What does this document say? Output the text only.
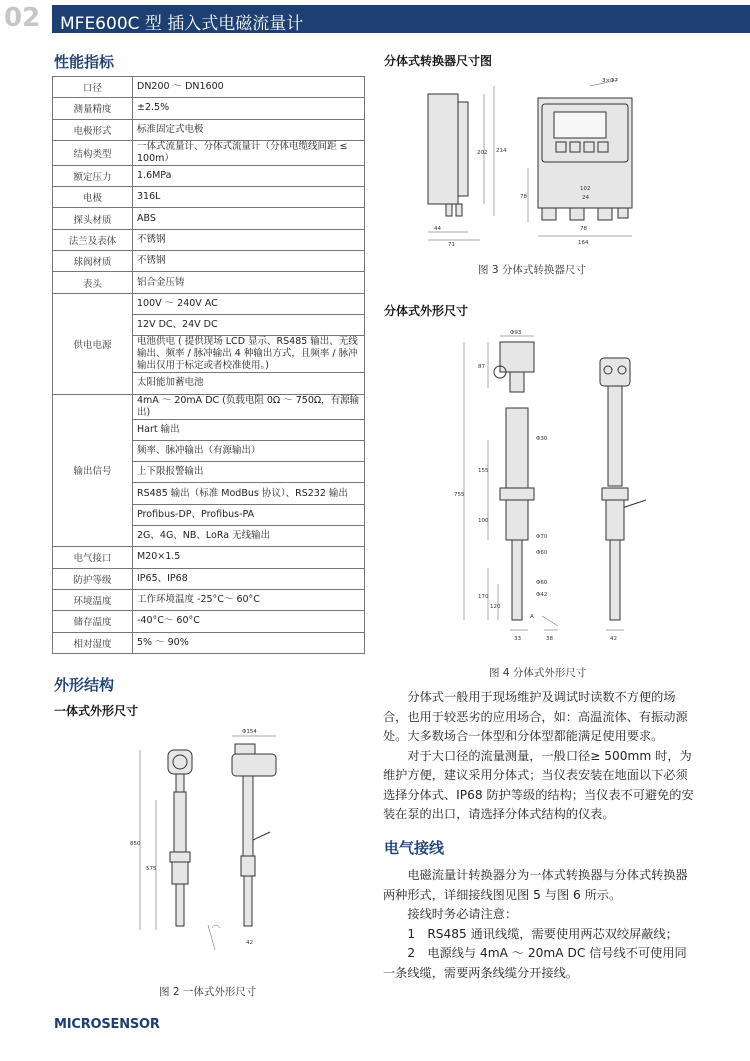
02 MFE600C 型 插入式电磁流量计
性能指标
口径	DN200 ～ DN1600
测量精度	±2.5%
电极形式	标准固定式电极
结构类型	一体式流量计、分体式流量计（分体电缆线间距 ≤ 100m）
额定压力	1.6MPa
电极	316L
探头材质	ABS
法兰及表体	不锈钢
球阀材质	不锈钢
表头	铝合金压铸
供电电源	100V ～ 240V AC
	12V DC、24V DC
	电池供电 ( 提供现场 LCD 显示、RS485 输出、无线输出、频率 / 脉冲输出 4 种输出方式，且频率 / 脉冲输出仅用于标定或者校准使用。)
	太阳能加蓄电池
输出信号	4mA ～ 20mA DC (负载电阻 0Ω ～ 750Ω，有源输出)
	Hart 输出
	频率、脉冲输出（有源输出）
	上下限报警输出
	RS485 输出（标准 ModBus 协议）、RS232 输出
	Profibus-DP、Profibus-PA
	2G、4G、NB、LoRa 无线输出
电气接口	M20×1.5
防护等级	IP65、IP68
环境温度	工作环境温度 -25°C～ 60°C
储存温度	-40°C～ 60°C
相对湿度	5% ～ 90%
外形结构
一体式外形尺寸
850
575
Φ154
42
图 2 一体式外形尺寸
分体式转换器尺寸图
44
71
202 214
78
3×Φ7
102
24
78
164
图 3 分体式转换器尺寸
分体式外形尺寸
Φ93
87
Φ30
155
755
100
Φ70
Φ60
Φ60
Φ42
170
120
33
A
38	42
图 4 分体式外形尺寸

分体式一般用于现场维护及调试时读数不方便的场合，也用于较恶劣的应用场合，如：高温流体、有振动源处。大多数场合一体型和分体型都能满足使用要求。

对于大口径的流量测量，一般口径≥ 500mm 时，为维护方便，建议采用分体式；当仪表安装在地面以下必须选择分体式、IP68 防护等级的结构；当仪表不可避免的安装在泵的出口，请选择分体式结构的仪表。

电气接线

电磁流量计转换器分为一体式转换器与分体式转换器两种形式，详细接线图见图 5 与图 6 所示。

接线时务必请注意：

1　RS485 通讯线缆，需要使用两芯双绞屏蔽线；

2　电源线与 4mA ～ 20mA DC 信号线不可使用同一条线缆，需要两条线缆分开接线。

MICROSENSOR
